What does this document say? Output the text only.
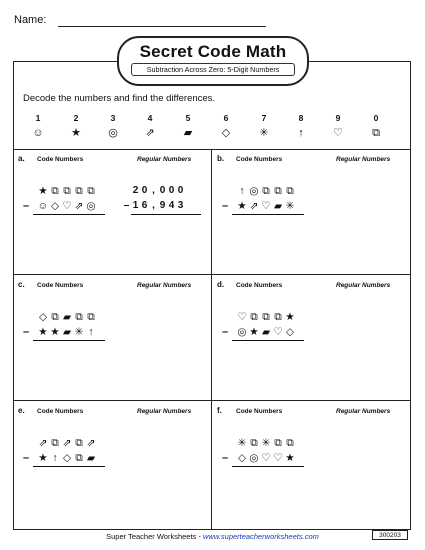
Name:
Secret Code Math
Subtraction Across Zero: 5-Digit Numbers
Decode the numbers and find the differences.
1
☺
2
★
3
◎
4
⇗
5
▰
6
◇
7
✳
8
↑
9
♡
0
⧉
a. Code Numbers	Regular Numbers
★ ⧉ ⧉ ⧉ ⧉
– ☺ ◇ ♡ ⇗ ◎
2 0 , 0 0 0
– 1 6 , 9 4 3
b. Code Numbers	Regular Numbers
↑ ◎ ⧉ ⧉ ⧉
– ★ ⇗ ♡ ▰ ✳
c. Code Numbers	Regular Numbers
◇ ⧉ ▰ ⧉ ⧉
– ★ ★ ▰ ✳ ↑
d. Code Numbers	Regular Numbers
♡ ⧉ ⧉ ⧉ ★
– ◎ ★ ▰ ♡ ◇
e. Code Numbers	Regular Numbers
⇗ ⧉ ⇗ ⧉ ⇗
– ★ ↑ ◇ ⧉ ▰
f. Code Numbers	Regular Numbers
✳ ⧉ ✳ ⧉ ⧉
– ◇ ◎ ♡ ♡ ★
Super Teacher Worksheets - www.superteacherworksheets.com	300203
